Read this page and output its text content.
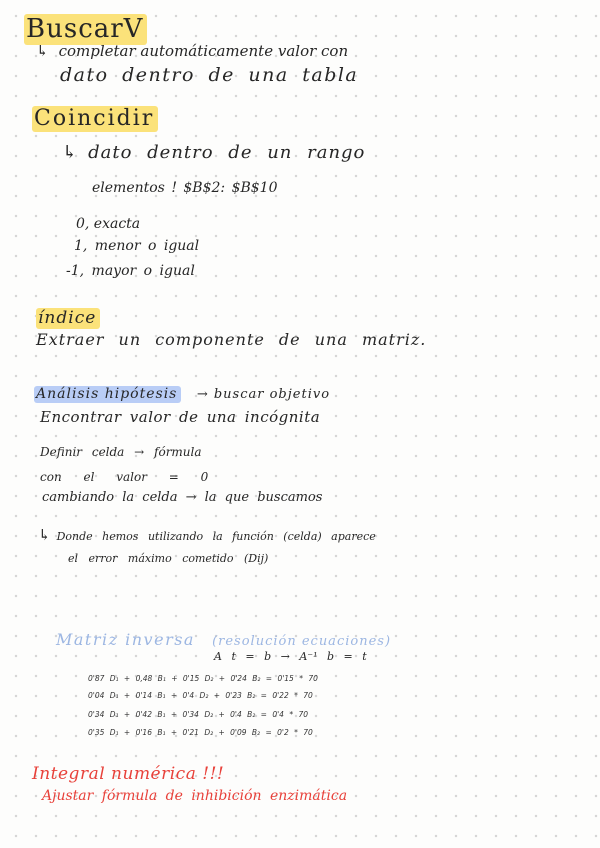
BuscarV
↳ completar automáticamente valor con
dato dentro de una tabla
Coincidir
↳ dato dentro de un rango
elementos ! $B$2: $B$10
0, exacta
1, menor o igual
-1, mayor o igual
índice
Extraer un componente de una matriz.
Análisis hipótesis → buscar objetivo
Encontrar valor de una incógnita
Definir celda → fórmula
con el valor = 0
cambiando la celda → la que buscamos
↳ Donde hemos utilizando la función (celda) aparece
el error máximo cometido (Dij)
Matriz inversa (resolución ecuaciones)
A t = b → A⁻¹ b = t
0'87 D₁ + 0,48 B₁ + 0'15 D₂ + 0'24 B₂ = 0'15 * 70
0'04 D₁ + 0'14 B₁ + 0'4 D₂ + 0'23 B₂ = 0'22 * 70
0'34 D₁ + 0'42 B₁ + 0'34 D₂ + 0'4 B₂ = 0'4 * 70
0'35 D₁ + 0'16 B₁ + 0'21 D₂ + 0'09 B₂ = 0'2 * 70
Integral numérica !!!
Ajustar fórmula de inhibición enzimática
